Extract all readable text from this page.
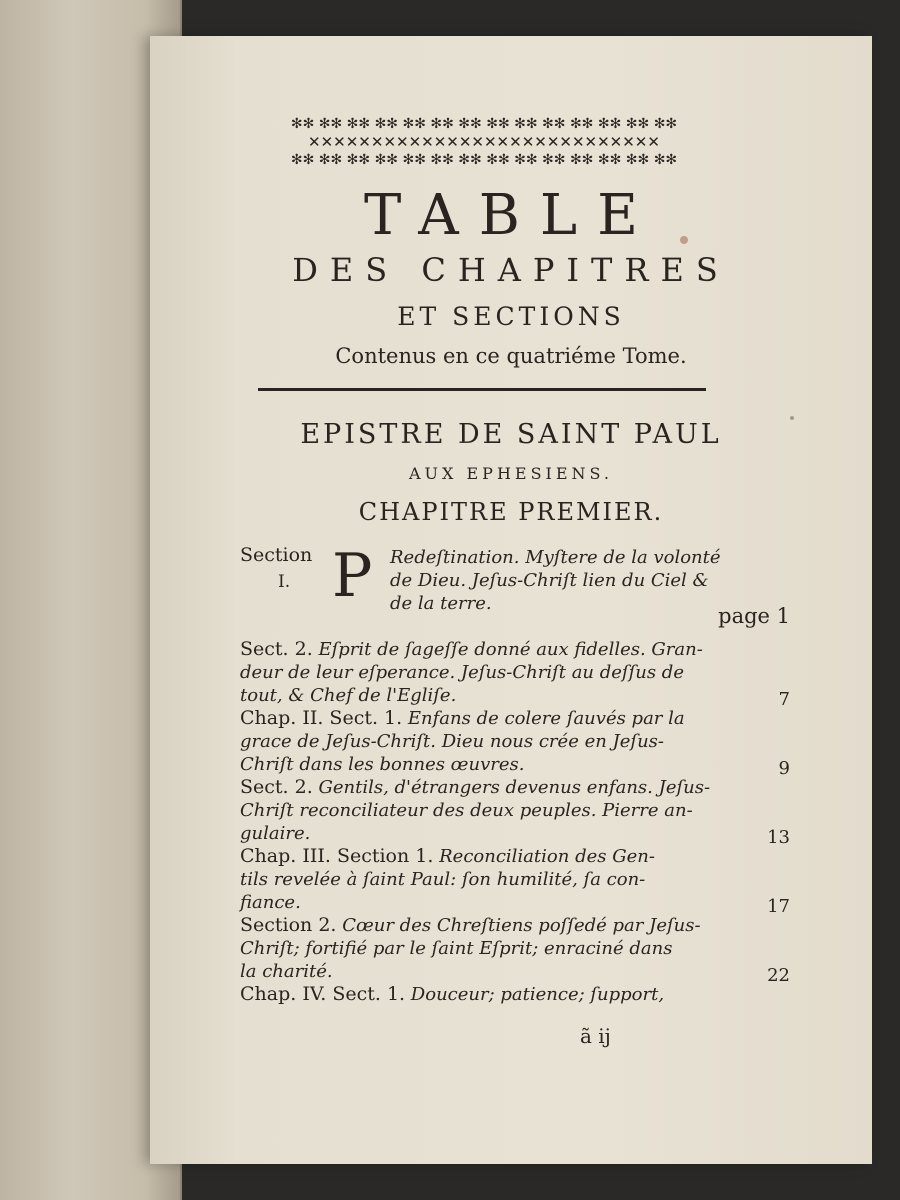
✻✻ ✻✻ ✻✻ ✻✻ ✻✻ ✻✻ ✻✻ ✻✻ ✻✻ ✻✻ ✻✻ ✻✻ ✻✻ ✻✻
✕✕✕✕✕✕✕✕✕✕✕✕✕✕✕✕✕✕✕✕✕✕✕✕✕✕✕✕
✻✻ ✻✻ ✻✻ ✻✻ ✻✻ ✻✻ ✻✻ ✻✻ ✻✻ ✻✻ ✻✻ ✻✻ ✻✻ ✻✻
TABLE
DES CHAPITRES
ET SECTIONS
Contenus en ce quatriéme Tome.
EPISTRE DE SAINT PAUL
AUX EPHESIENS.
CHAPITRE PREMIER.
Section
I. P Redeſtination. Myſtere de la volonté
de Dieu. Jeſus-Chriſt lien du Ciel &
de la terre.
page 1
Sect. 2. Eſprit de ſageſſe donné aux fidelles. Gran-
deur de leur eſperance. Jeſus-Chriſt au deſſus de
tout, & Chef de l'Egliſe.	7
Chap. II. Sect. 1. Enfans de colere ſauvés par la
grace de Jeſus-Chriſt. Dieu nous crée en Jeſus-
Chriſt dans les bonnes œuvres.	9
Sect. 2. Gentils, d'étrangers devenus enfans. Jeſus-
Chriſt reconciliateur des deux peuples. Pierre an-
gulaire.	13
Chap. III. Section 1. Reconciliation des Gen-
tils revelée à ſaint Paul: ſon humilité, ſa con-
fiance.	17
Section 2. Cœur des Chreſtiens poſſedé par Jeſus-
Chriſt; fortifié par le ſaint Eſprit; enraciné dans
la charité.	22
Chap. IV. Sect. 1. Douceur; patience; ſupport,
ã ij
